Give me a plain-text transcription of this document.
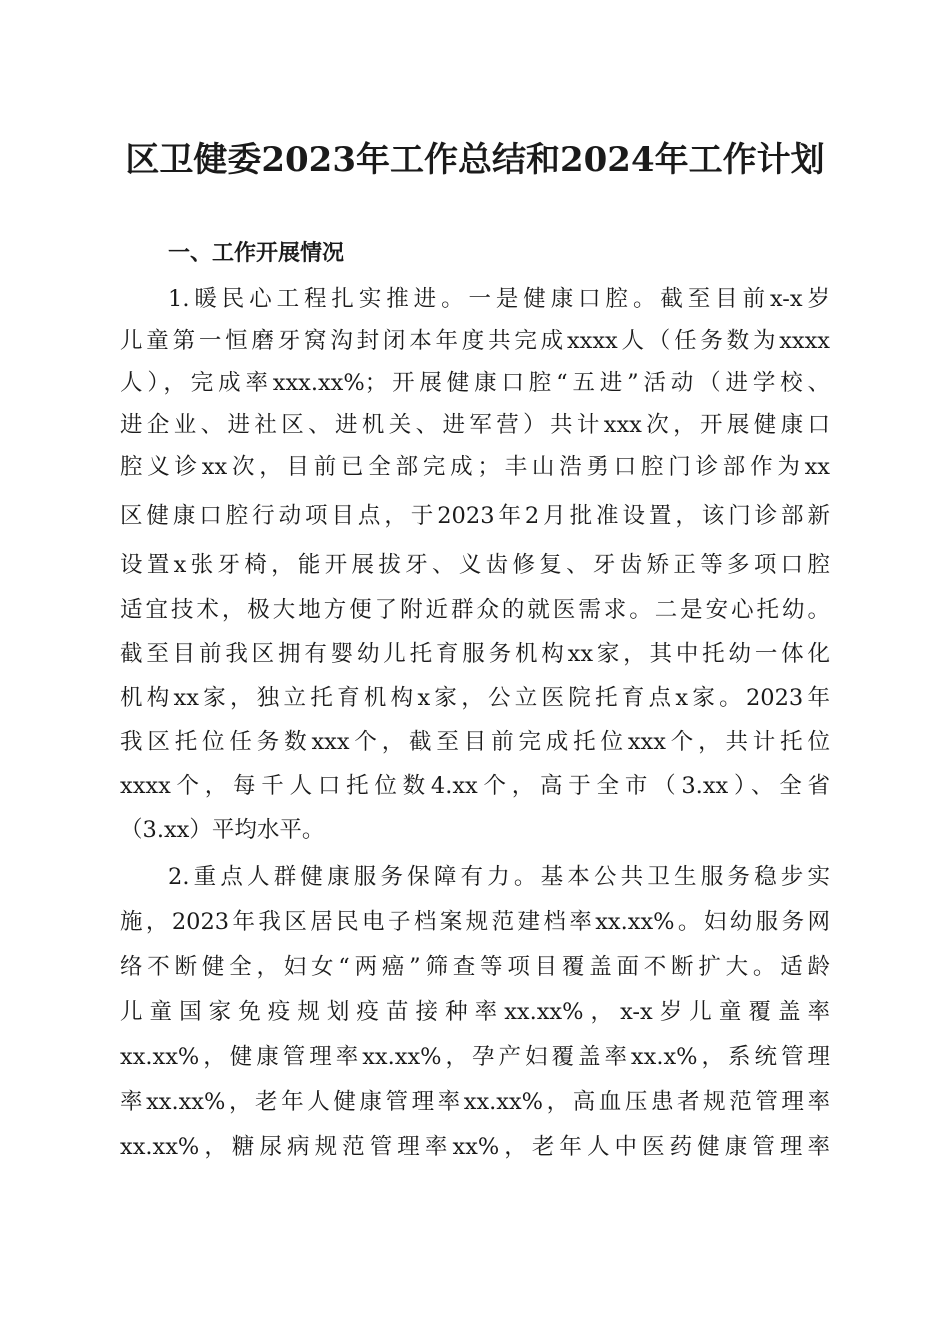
区卫健委2023年工作总结和2024年工作计划
一、工作开展情况

1.暖民心工程扎实推进。一是健康口腔。截至目前x-x岁

儿童第一恒磨牙窝沟封闭本年度共完成xxxx人（任务数为xxxx

人），完成率xxx.xx%；开展健康口腔“五进”活动（进学校、

进企业、进社区、进机关、进军营）共计xxx次，开展健康口

腔义诊xx次，目前已全部完成；丰山浩勇口腔门诊部作为xx

区健康口腔行动项目点，于2023年2月批准设置，该门诊部新

设置x张牙椅，能开展拔牙、义齿修复、牙齿矫正等多项口腔

适宜技术，极大地方便了附近群众的就医需求。二是安心托幼。

截至目前我区拥有婴幼儿托育服务机构xx家，其中托幼一体化

机构xx家，独立托育机构x家，公立医院托育点x家。2023年

我区托位任务数xxx个，截至目前完成托位xxx个，共计托位

xxxx个，每千人口托位数4.xx个，高于全市（3.xx）、全省

（3.xx）平均水平。

2.重点人群健康服务保障有力。基本公共卫生服务稳步实

施，2023年我区居民电子档案规范建档率xx.xx%。妇幼服务网

络不断健全，妇女“两癌”筛查等项目覆盖面不断扩大。适龄

儿童国家免疫规划疫苗接种率xx.xx%，x-x岁儿童覆盖率

xx.xx%，健康管理率xx.xx%，孕产妇覆盖率xx.x%，系统管理

率xx.xx%，老年人健康管理率xx.xx%，高血压患者规范管理率

xx.xx%，糖尿病规范管理率xx%，老年人中医药健康管理率
